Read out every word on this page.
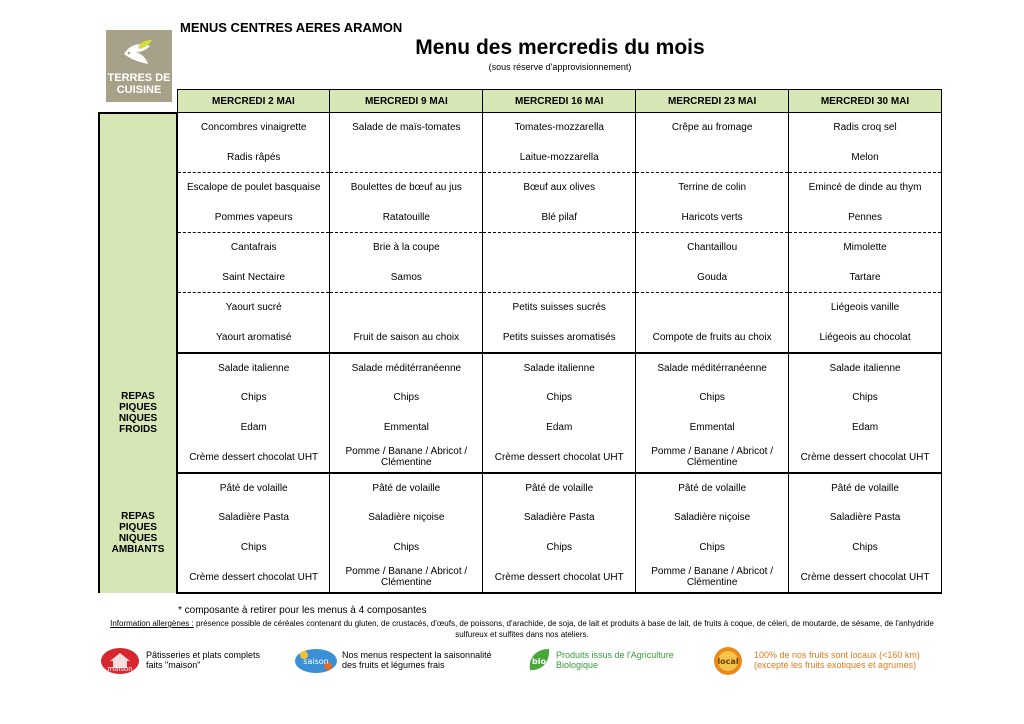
MENUS CENTRES AERES ARAMON
TERRES DE
CUISINE
Menu des mercredis du mois
(sous réserve d'approvisionnement)
	MERCREDI 2 MAI	MERCREDI 9 MAI	MERCREDI 16 MAI	MERCREDI 23 MAI	MERCREDI 30 MAI
	Concombres vinaigrette	Salade de maïs-tomates	Tomates-mozzarella	Crêpe au fromage	Radis croq sel
	Radis râpés		Laitue-mozzarella		Melon
	Escalope de poulet basquaise	Boulettes de bœuf au jus	Bœuf aux olives	Terrine de colin	Emincé de dinde au thym
	Pommes vapeurs	Ratatouille	Blé pilaf	Haricots verts	Pennes
	Cantafrais	Brie à la coupe		Chantaillou	Mimolette
	Saint Nectaire	Samos		Gouda	Tartare
	Yaourt sucré		Petits suisses sucrés		Liégeois vanille
	Yaourt aromatisé	Fruit de saison au choix	Petits suisses aromatisés	Compote de fruits au choix	Liégeois au chocolat
REPAS PIQUES NIQUES FROIDS	Salade italienne	Salade méditérranéenne	Salade italienne	Salade méditérranéenne	Salade italienne
	Chips	Chips	Chips	Chips	Chips
	Edam	Emmental	Edam	Emmental	Edam
	Crème dessert chocolat UHT	Pomme / Banane / Abricot / Clémentine	Crème dessert chocolat UHT	Pomme / Banane / Abricot / Clémentine	Crème dessert chocolat UHT
REPAS PIQUES NIQUES AMBIANTS	Pâté de volaille	Pâté de volaille	Pâté de volaille	Pâté de volaille	Pâté de volaille
	Saladière Pasta	Saladière niçoise	Saladière Pasta	Saladière niçoise	Saladière Pasta
	Chips	Chips	Chips	Chips	Chips
	Crème dessert chocolat UHT	Pomme / Banane / Abricot / Clémentine	Crème dessert chocolat UHT	Pomme / Banane / Abricot / Clémentine	Crème dessert chocolat UHT
* composante à retirer pour les menus à 4 composantes
Information allergènes : présence possible de céréales contenant du gluten, de crustacés, d'œufs, de poissons, d'arachide, de soja, de lait et produits à base de lait, de fruits à coque, de céleri, de moutarde, de sésame, de l'anhydride sulfureux et sulfites dans nos ateliers.
maison
Pâtisseries et plats complets faits "maison"	saison
Nos menus respectent la saisonnalité des fruits et légumes frais	bio
Produits issus de l'Agriculture Biologique	local
100% de nos fruits sont locaux (<160 km) (excepté les fruits exotiques et agrumes)
